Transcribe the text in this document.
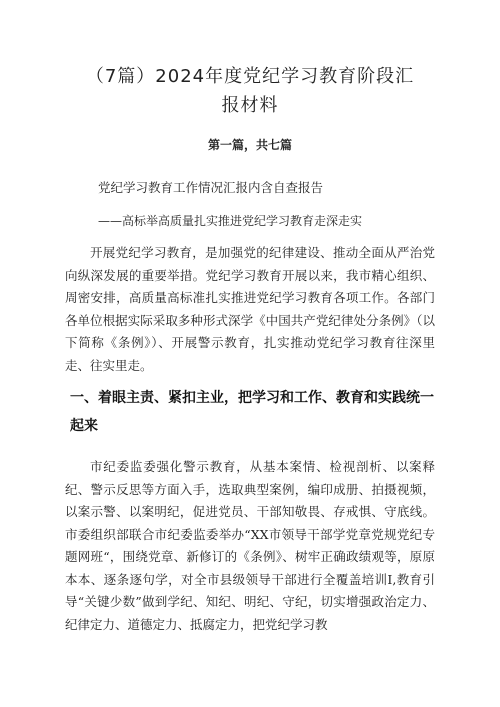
（7篇）2024年度党纪学习教育阶段汇报材料
第一篇，共七篇
党纪学习教育工作情况汇报内含自查报告
——高标举高质量扎实推进党纪学习教育走深走实

开展党纪学习教育，是加强党的纪律建设、推动全面从严治党向纵深发展的重要举措。党纪学习教育开展以来，我市精心组织、周密安排，高质量高标准扎实推进党纪学习教育各项工作。各部门各单位根据实际采取多种形式深学《中国共产党纪律处分条例》（以下简称《条例》）、开展警示教育，扎实推动党纪学习教育往深里走、往实里走。

一、着眼主责、紧扣主业，把学习和工作、教育和实践统一起来

市纪委监委强化警示教育，从基本案情、检视剖析、以案释纪、警示反思等方面入手，选取典型案例，编印成册、拍摄视频，以案示警、以案明纪，促进党员、干部知敬畏、存戒惧、守底线。市委组织部联合市纪委监委举办“XX市领导干部学党章党规党纪专题网班“，围绕党章、新修订的《条例》、树牢正确政绩观等，原原本本、逐条逐句学，对全市县级领导干部进行全覆盖培训I,教育引导“关键少数”做到学纪、知纪、明纪、守纪，切实增强政治定力、纪律定力、道德定力、抵腐定力，把党纪学习教
